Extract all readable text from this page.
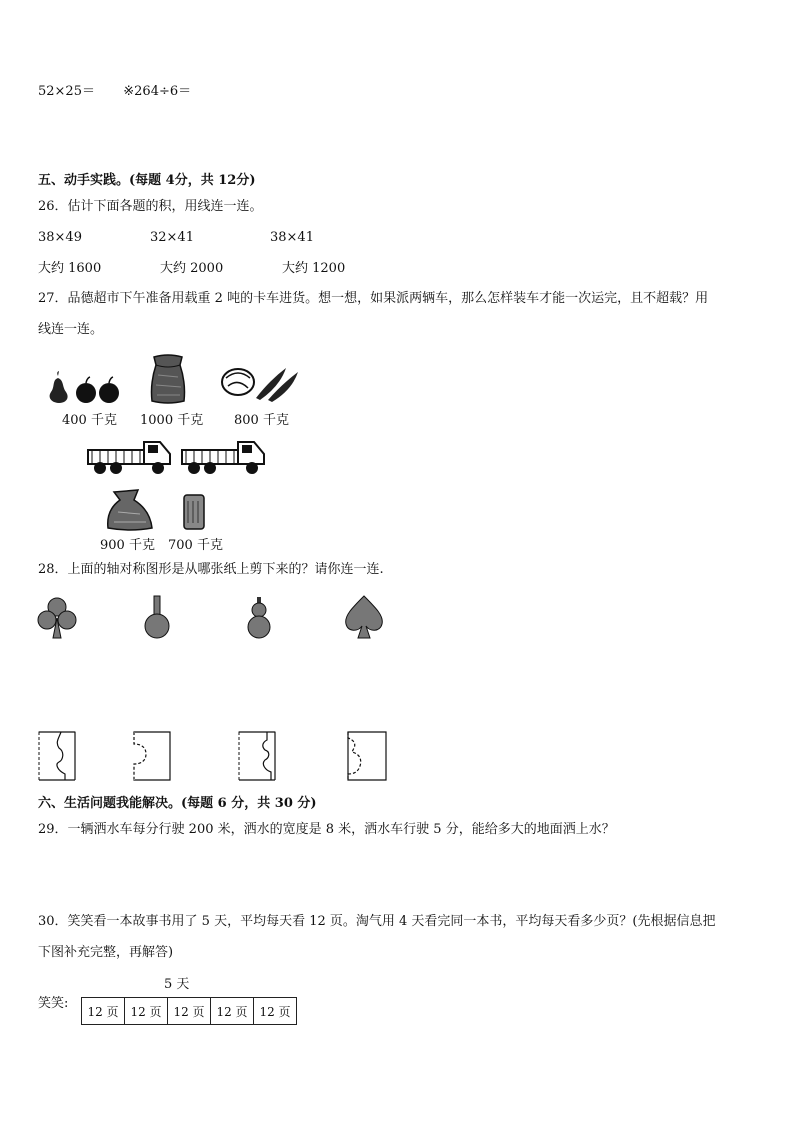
52×25＝ ※264÷6＝
五、动手实践。(每题 4分，共 12分)
26．估计下面各题的积，用线连一连。
38×49	32×41	38×41
大约 1600	大约 2000	大约 1200
27．品德超市下午准备用载重 2 吨的卡车进货。想一想，如果派两辆车，那么怎样装车才能一次运完，且不超载？用
线连一连。
400 千克 1000 千克 800 千克
900 千克 700 千克
28．上面的轴对称图形是从哪张纸上剪下来的？请你连一连.
六、生活问题我能解决。(每题 6 分，共 30 分)
29．一辆洒水车每分行驶 200 米，洒水的宽度是 8 米，洒水车行驶 5 分，能给多大的地面洒上水？
30．笑笑看一本故事书用了 5 天，平均每天看 12 页。淘气用 4 天看完同一本书，平均每天看多少页？(先根据信息把
下图补充完整，再解答)
5 天
笑笑:
12 页	12 页	12 页	12 页	12 页
